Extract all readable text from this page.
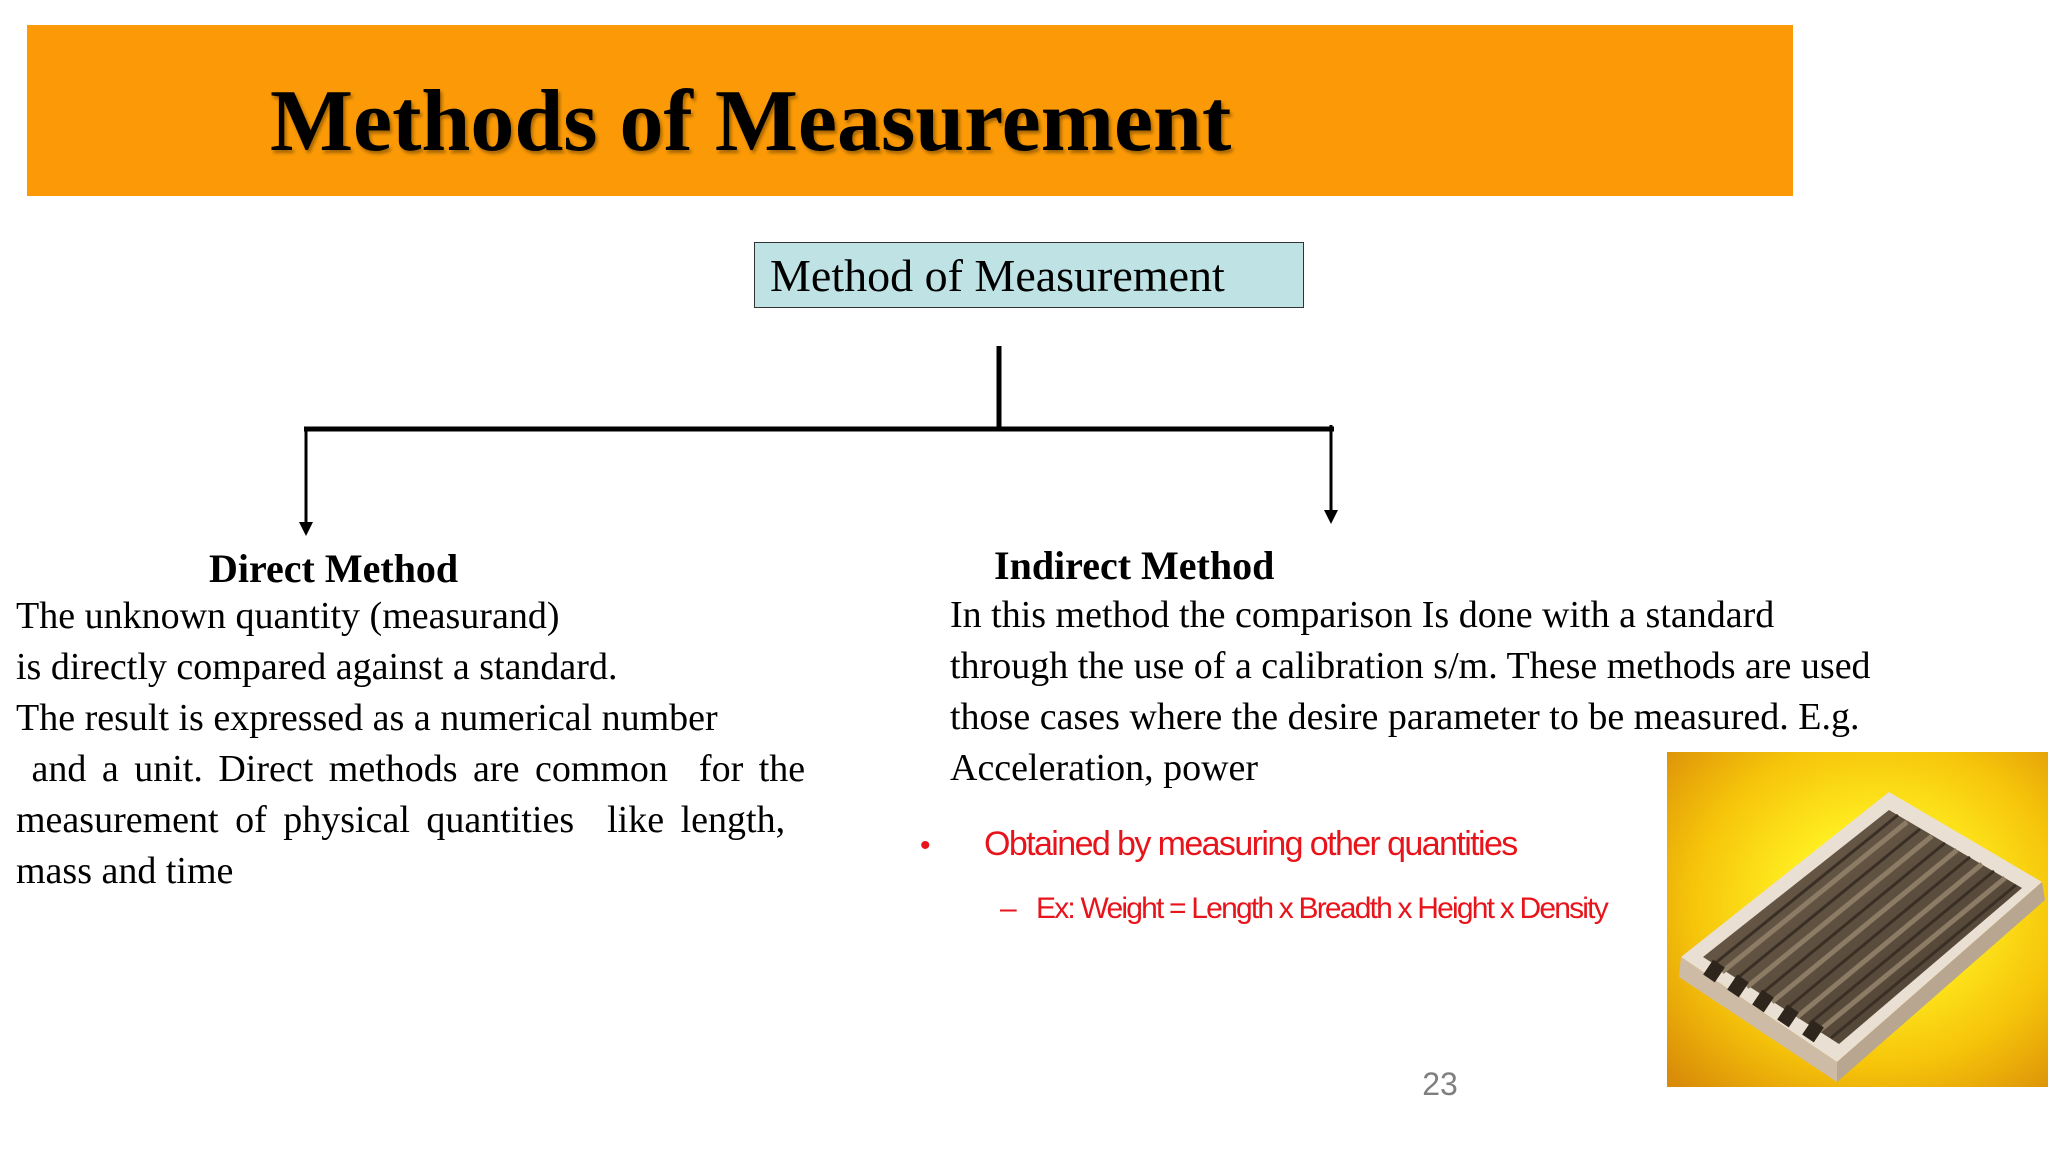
Methods of Measurement
Method of Measurement
Direct Method
The unknown quantity (measurand)
is directly compared against a standard.
The result is expressed as a numerical number
and a unit. Direct methods are common  for the
measurement of physical quantities  like length,
mass and time
Indirect Method
In this method the comparison Is done with a standard
through the use of a calibration s/m. These methods are used
those cases where the desire parameter to be measured. E.g.
Acceleration, power
• Obtained by measuring other quantities
– Ex: Weight = Length x Breadth x Height x Density
23
